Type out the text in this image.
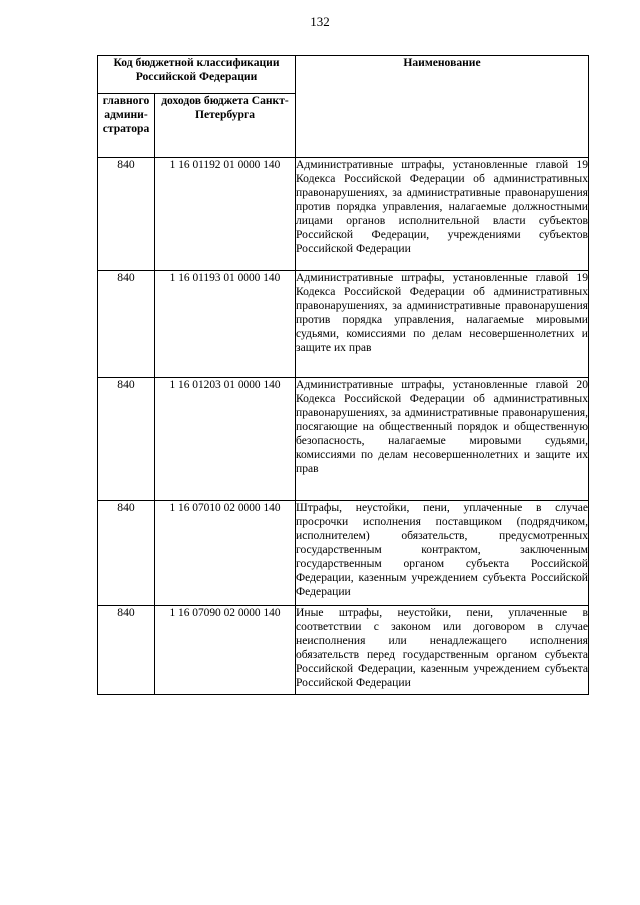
132
Код бюджетной классификации Российской Федерации		Наименование
главного админи-стратора	доходов бюджета Санкт-Петербурга	
840	1 16 01192 01 0000 140	Административные штрафы, установленные главой 19 Кодекса Российской Федерации об административных правонарушениях, за административные правонарушения против порядка управления, налагаемые должностными лицами органов исполнительной власти субъектов Российской Федерации, учреждениями субъектов Российской Федерации
840	1 16 01193 01 0000 140	Административные штрафы, установленные главой 19 Кодекса Российской Федерации об административных правонарушениях, за административные правонарушения против порядка управления, налагаемые мировыми судьями, комиссиями по делам несовершеннолетних и защите их прав
840	1 16 01203 01 0000 140	Административные штрафы, установленные главой 20 Кодекса Российской Федерации об административных правонарушениях, за административные правонарушения, посягающие на общественный порядок и общественную безопасность, налагаемые мировыми судьями, комиссиями по делам несовершеннолетних и защите их прав
840	1 16 07010 02 0000 140	Штрафы, неустойки, пени, уплаченные в случае просрочки исполнения поставщиком (подрядчиком, исполнителем) обязательств, предусмотренных государственным контрактом, заключенным государственным органом субъекта Российской Федерации, казенным учреждением субъекта Российской Федерации
840	1 16 07090 02 0000 140	Иные штрафы, неустойки, пени, уплаченные в соответствии с законом или договором в случае неисполнения или ненадлежащего исполнения обязательств перед государственным органом субъекта Российской Федерации, казенным учреждением субъекта Российской Федерации
